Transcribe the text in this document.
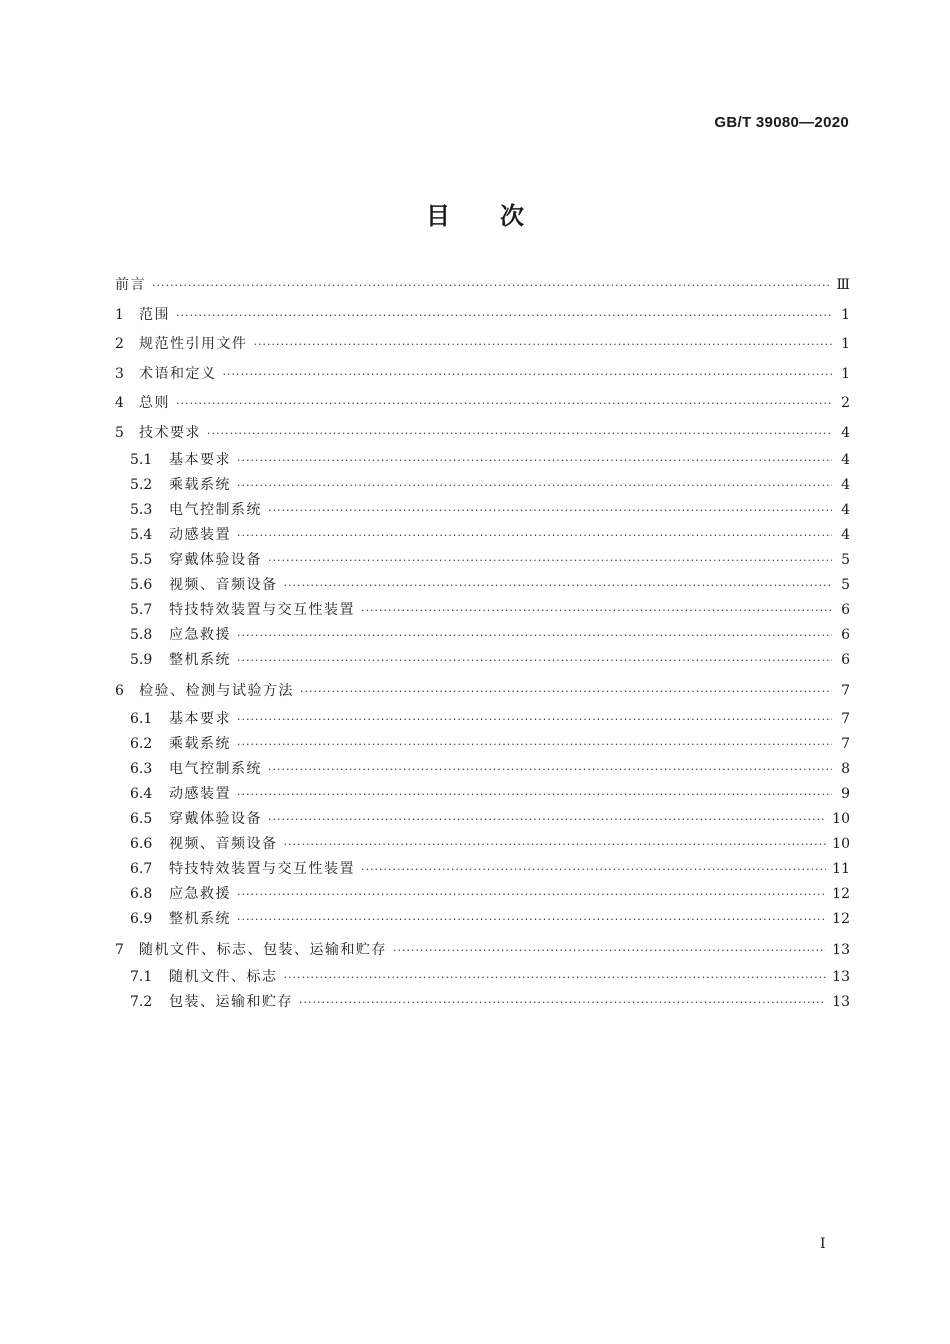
GB/T 39080—2020
目次
前言 ·····	Ⅲ
1	范围 ·····	1
2	规范性引用文件 ·····	1
3	术语和定义 ·····	1
4	总则 ·····	2
5	技术要求 ·····	4
5.1	基本要求 ·····	4
5.2	乘载系统 ·····	4
5.3	电气控制系统 ·····	4
5.4	动感装置 ·····	4
5.5	穿戴体验设备 ·····	5
5.6	视频、音频设备 ·····	5
5.7	特技特效装置与交互性装置 ·····	6
5.8	应急救援 ·····	6
5.9	整机系统 ·····	6
6	检验、检测与试验方法 ·····	7
6.1	基本要求 ·····	7
6.2	乘载系统 ·····	7
6.3	电气控制系统 ·····	8
6.4	动感装置 ·····	9
6.5	穿戴体验设备 ·····	10
6.6	视频、音频设备 ·····	10
6.7	特技特效装置与交互性装置 ·····	11
6.8	应急救援 ·····	12
6.9	整机系统 ·····	12
7	随机文件、标志、包装、运输和贮存 ·····	13
7.1	随机文件、标志 ·····	13
7.2	包装、运输和贮存 ·····	13
I
